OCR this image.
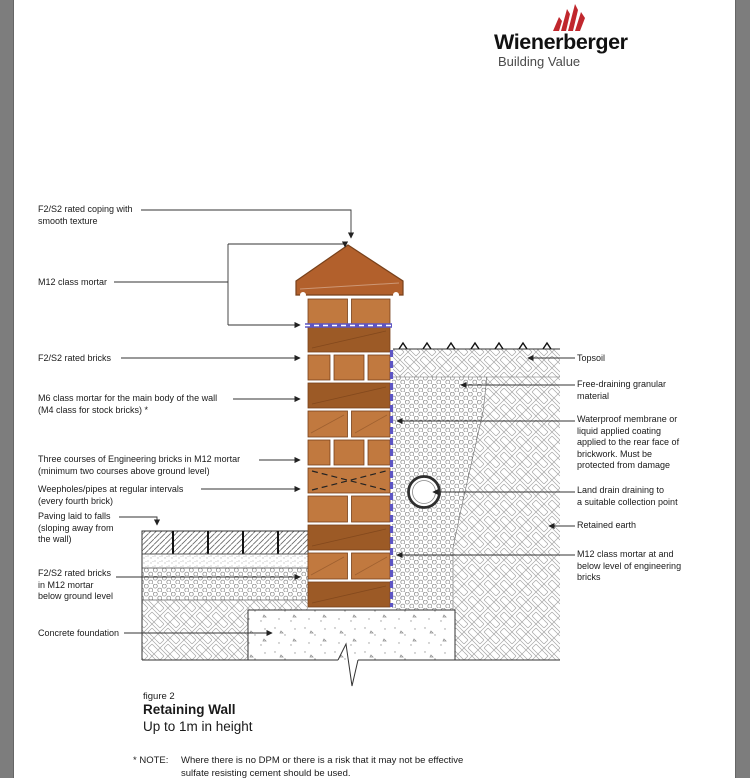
Wienerberger
Building Value
F2/S2 rated coping with
smooth texture
M12 class mortar
F2/S2 rated bricks
M6 class mortar for the main body of the wall
(M4 class for stock bricks) *
Three courses of Engineering bricks in M12 mortar
(minimum two courses above ground level)
Weepholes/pipes at regular intervals
(every fourth brick)
Paving laid to falls
(sloping away from
the wall)
F2/S2 rated bricks
in M12 mortar
below ground level
Concrete foundation
Topsoil
Free-draining granular
material
Waterproof membrane or
liquid applied coating
applied to the rear face of
brickwork. Must be
protected from damage
Land drain draining to
a suitable collection point
Retained earth
M12 class mortar at and
below level of engineering
bricks
figure 2
Retaining Wall
Up to 1m in height
* NOTE: Where there is no DPM or there is a risk that it may not be effective
sulfate resisting cement should be used.
